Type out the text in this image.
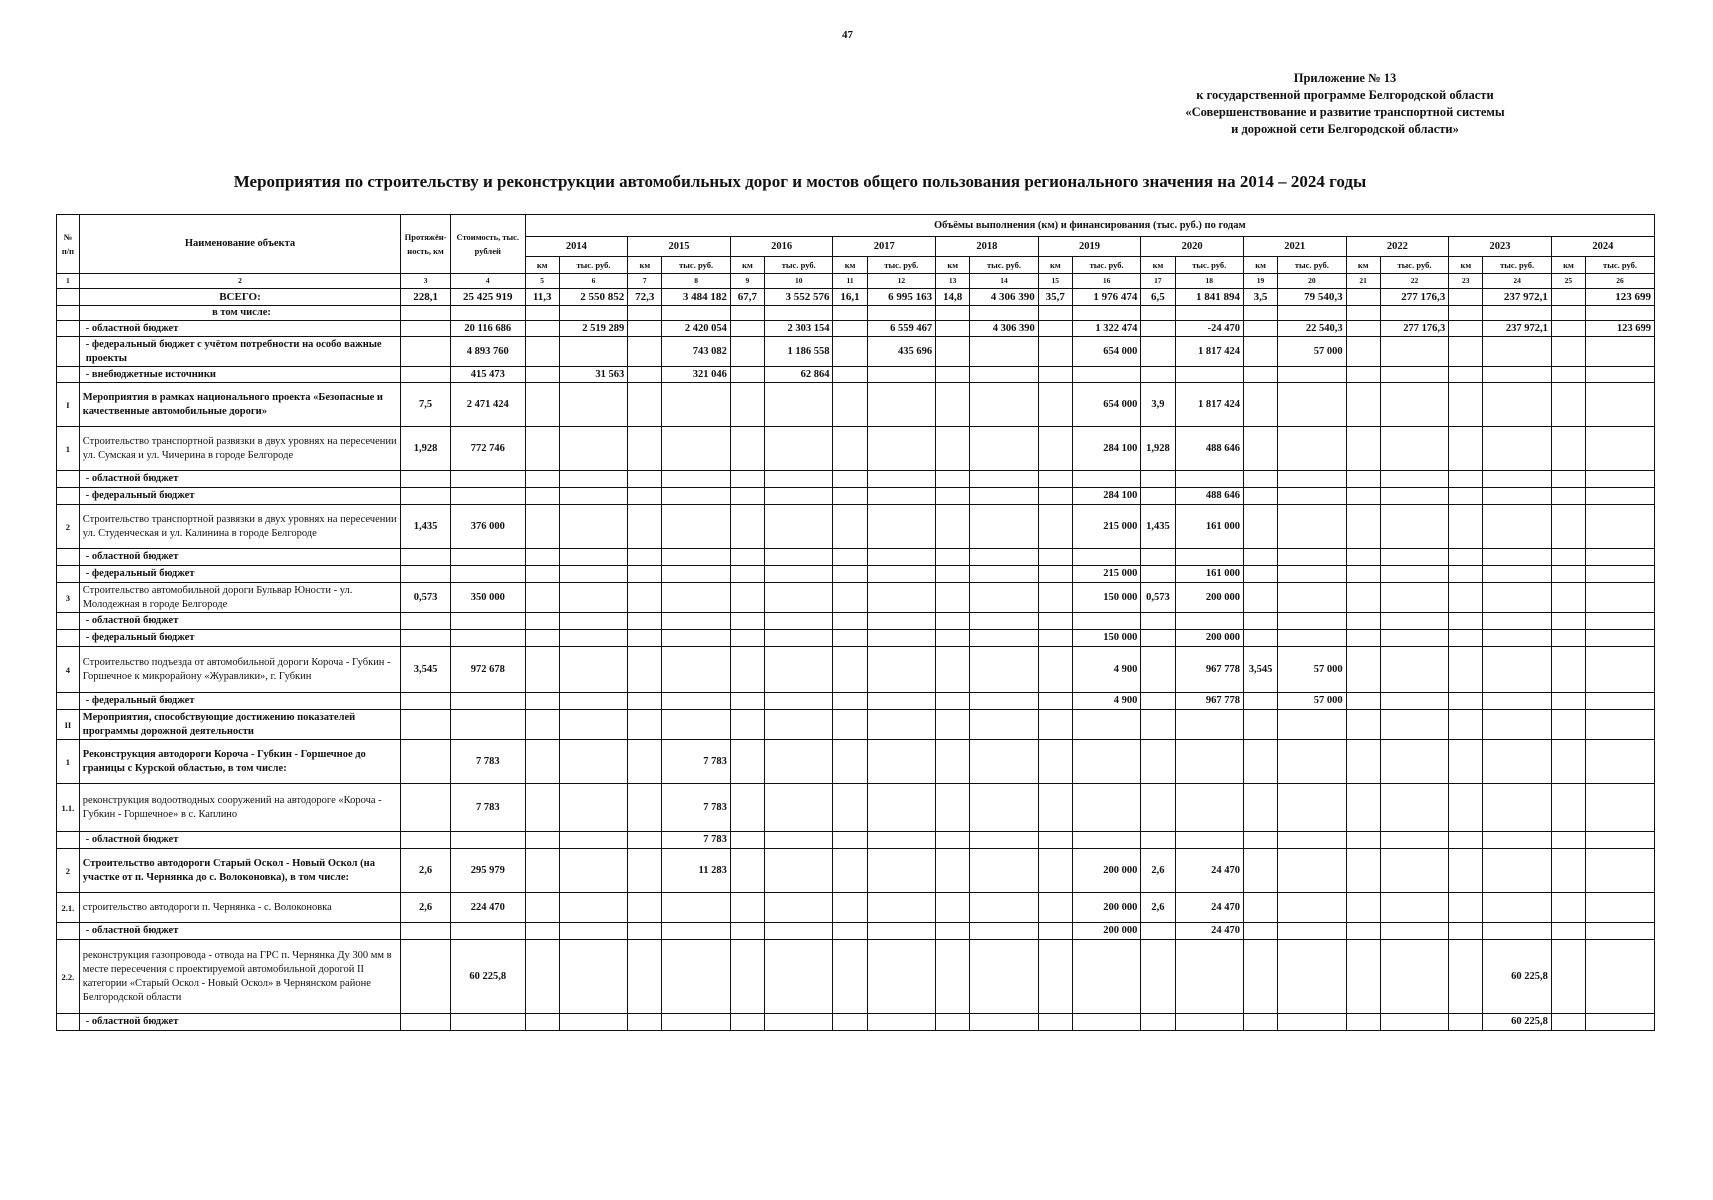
47
Приложение № 13
к государственной программе Белгородской области
«Совершенствование и развитие транспортной системы
и дорожной сети Белгородской области»
Мероприятия по строительству и реконструкции автомобильных дорог и мостов общего пользования регионального значения на 2014 – 2024 годы
№ п/п	Наименование объекта	Протяжён-ность, км	Стоимость, тыс. рублей	Объёмы выполнения (км) и финансирования (тыс. руб.) по годам																					
				2014		2015		2016		2017		2018		2019		2020		2021		2022		2023		2024	
				км	тыс. руб.	км	тыс. руб.	км	тыс. руб.	км	тыс. руб.	км	тыс. руб.	км	тыс. руб.	км	тыс. руб.	км	тыс. руб.	км	тыс. руб.	км	тыс. руб.	км	тыс. руб.
1	2	3	4	5	6	7	8	9	10	11	12	13	14	15	16	17	18	19	20	21	22	23	24	25	26
	ВСЕГО:	228,1	25 425 919	11,3	2 550 852	72,3	3 484 182	67,7	3 552 576	16,1	6 995 163	14,8	4 306 390	35,7	1 976 474	6,5	1 841 894	3,5	79 540,3		277 176,3		237 972,1		123 699
	в том числе:																								
	- областной бюджет		20 116 686		2 519 289		2 420 054		2 303 154		6 559 467		4 306 390		1 322 474		-24 470		22 540,3		277 176,3		237 972,1		123 699
	- федеральный бюджет с учётом потребности на особо важные проекты		4 893 760				743 082		1 186 558		435 696				654 000		1 817 424		57 000						
	- внебюджетные источники		415 473		31 563		321 046		62 864																
I	Мероприятия в рамках национального проекта «Безопасные и качественные автомобильные дороги»	7,5	2 471 424												654 000	3,9	1 817 424								
1	Строительство транспортной развязки в двух уровнях на пересечении ул. Сумская и ул. Чичерина в городе Белгороде	1,928	772 746												284 100	1,928	488 646								
	- областной бюджет																								
	- федеральный бюджет														284 100		488 646								
2	Строительство транспортной развязки в двух уровнях на пересечении ул. Студенческая и ул. Калинина в городе Белгороде	1,435	376 000												215 000	1,435	161 000								
	- областной бюджет																								
	- федеральный бюджет														215 000		161 000								
3	Строительство автомобильной дороги Бульвар Юности - ул. Молодежная в городе Белгороде	0,573	350 000												150 000	0,573	200 000								
	- областной бюджет																								
	- федеральный бюджет														150 000		200 000								
4	Строительство подъезда от автомобильной дороги Короча - Губкин - Горшечное к микрорайону «Журавлики», г. Губкин	3,545	972 678												4 900		967 778	3,545	57 000						
	- федеральный бюджет														4 900		967 778		57 000						
II	Мероприятия, способствующие достижению показателей программы дорожной деятельности																								
1	Реконструкция автодороги Короча - Губкин - Горшечное до границы с Курской областью, в том числе:		7 783				7 783																		
1.1.	реконструкция водоотводных сооружений на автодороге «Короча - Губкин - Горшечное» в с. Каплино		7 783				7 783																		
	- областной бюджет						7 783																		
2	Строительство автодороги Старый Оскол - Новый Оскол (на участке от п. Чернянка до с. Волоконовка), в том числе:	2,6	295 979				11 283								200 000	2,6	24 470								
2.1.	строительство автодороги п. Чернянка - с. Волоконовка	2,6	224 470												200 000	2,6	24 470								
	- областной бюджет														200 000		24 470								
2.2.	реконструкция газопровода - отвода на ГРС п. Чернянка Ду 300 мм в месте пересечения с проектируемой автомобильной дорогой II категории «Старый Оскол - Новый Оскол» в Чернянском районе Белгородской области		60 225,8																				60 225,8		
	- областной бюджет																						60 225,8		
